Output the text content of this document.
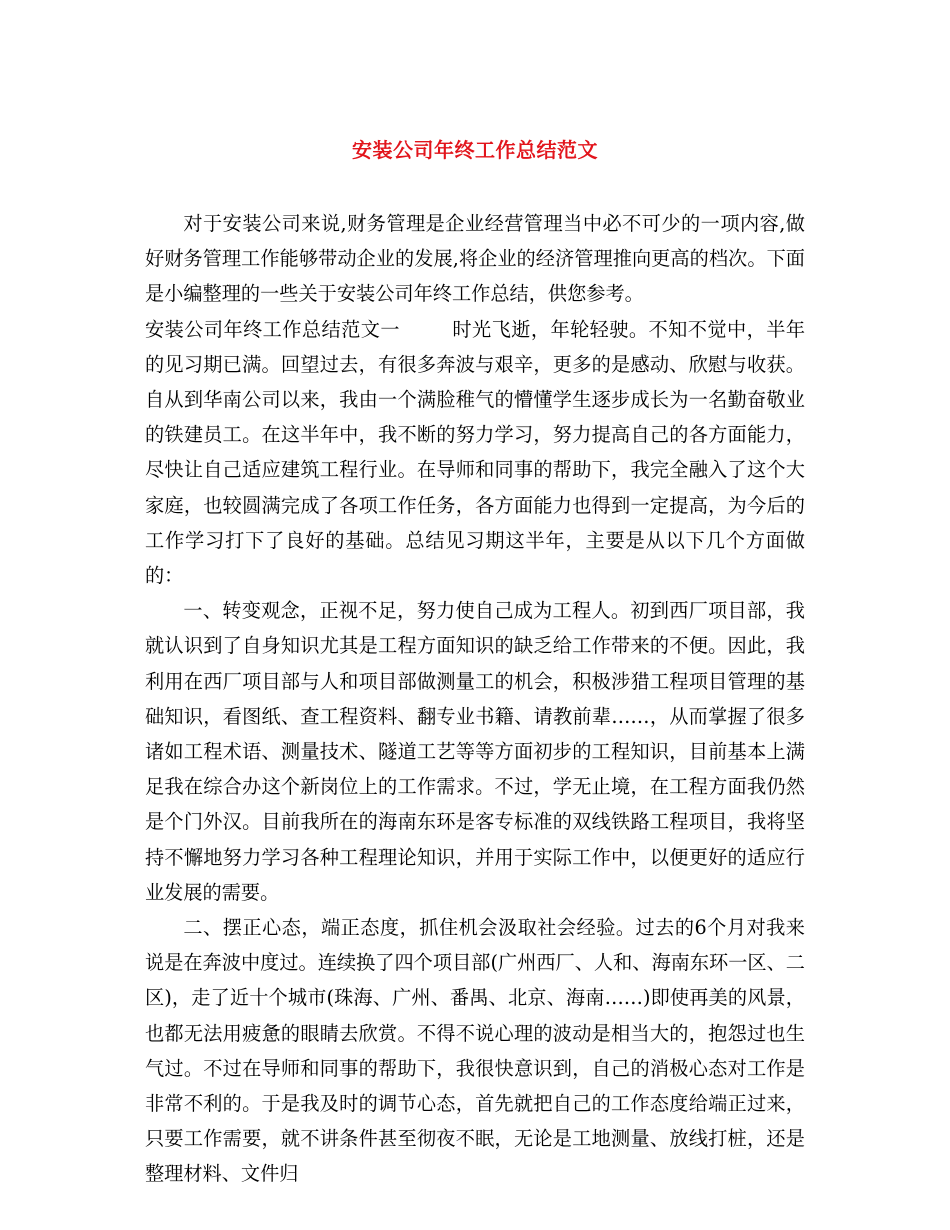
安装公司年终工作总结范文

对于安装公司来说,财务管理是企业经营管理当中必不可少的一项内容,做好财务管理工作能够带动企业的发展,将企业的经济管理推向更高的档次。下面是小编整理的一些关于安装公司年终工作总结，供您参考。

安装公司年终工作总结范文一	时光飞逝，年轮轻驶。不知不觉中，半年的见习期已满。回望过去，有很多奔波与艰辛，更多的是感动、欣慰与收获。自从到华南公司以来，我由一个满脸稚气的懵懂学生逐步成长为一名勤奋敬业的铁建员工。在这半年中，我不断的努力学习，努力提高自己的各方面能力，尽快让自己适应建筑工程行业。在导师和同事的帮助下，我完全融入了这个大家庭，也较圆满完成了各项工作任务，各方面能力也得到一定提高，为今后的工作学习打下了良好的基础。总结见习期这半年，主要是从以下几个方面做的：

一、转变观念，正视不足，努力使自己成为工程人。初到西厂项目部，我就认识到了自身知识尤其是工程方面知识的缺乏给工作带来的不便。因此，我利用在西厂项目部与人和项目部做测量工的机会，积极涉猎工程项目管理的基础知识，看图纸、查工程资料、翻专业书籍、请教前辈……，从而掌握了很多诸如工程术语、测量技术、隧道工艺等等方面初步的工程知识，目前基本上满足我在综合办这个新岗位上的工作需求。不过，学无止境，在工程方面我仍然是个门外汉。目前我所在的海南东环是客专标准的双线铁路工程项目，我将坚持不懈地努力学习各种工程理论知识，并用于实际工作中，以便更好的适应行业发展的需要。

二、摆正心态，端正态度，抓住机会汲取社会经验。过去的6个月对我来说是在奔波中度过。连续换了四个项目部(广州西厂、人和、海南东环一区、二区)，走了近十个城市(珠海、广州、番禺、北京、海南……)即使再美的风景，也都无法用疲惫的眼睛去欣赏。不得不说心理的波动是相当大的，抱怨过也生气过。不过在导师和同事的帮助下，我很快意识到，自己的消极心态对工作是非常不利的。于是我及时的调节心态，首先就把自己的工作态度给端正过来，只要工作需要，就不讲条件甚至彻夜不眠，无论是工地测量、放线打桩，还是整理材料、文件归
